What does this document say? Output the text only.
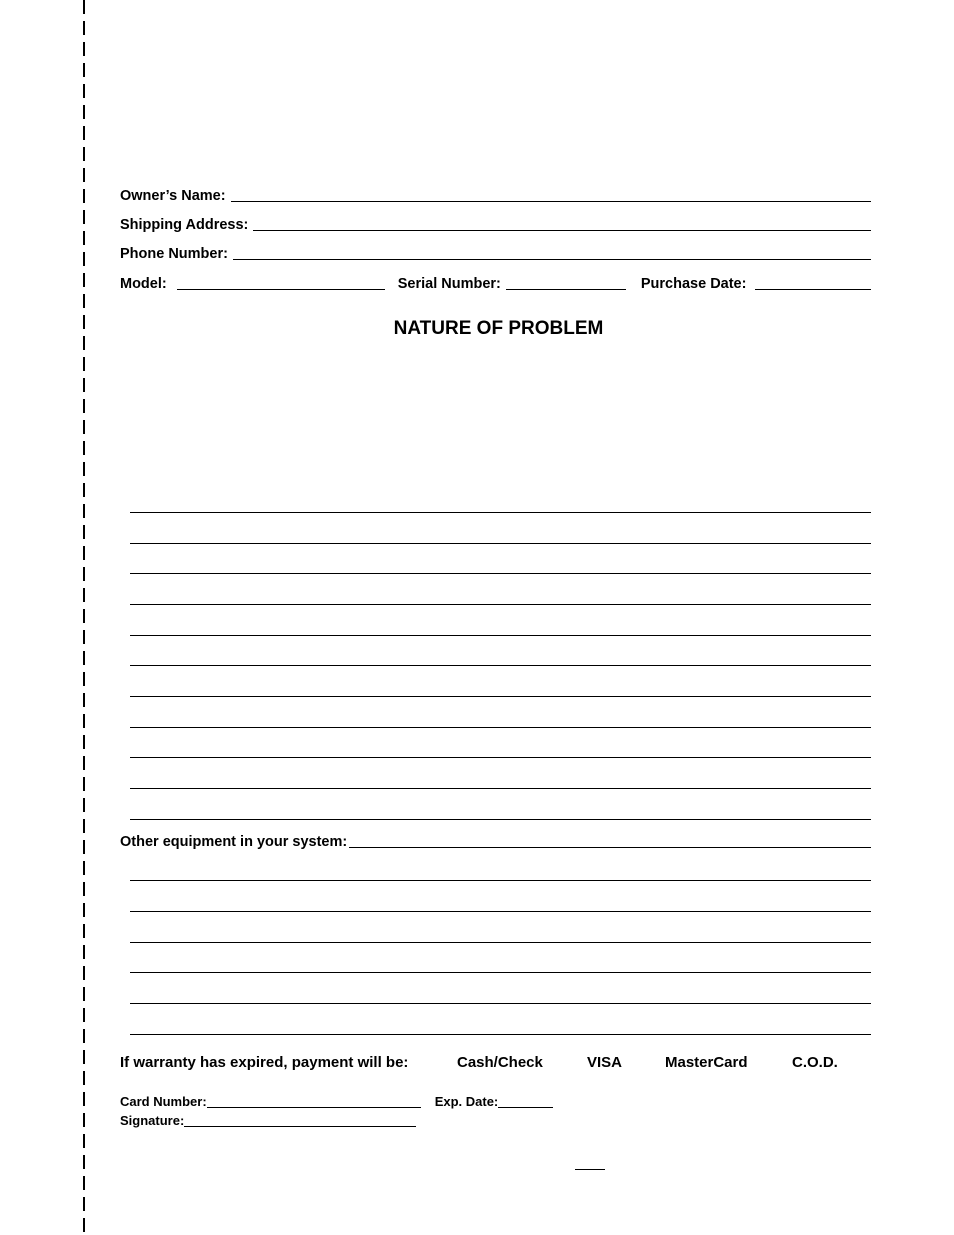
Owner’s Name:
Shipping Address:
Phone Number:
Model:	Serial Number:	Purchase Date:
NATURE OF PROBLEM
Other equipment in your system:
If warranty has expired, payment will be:	Cash/Check	VISA	MasterCard	C.O.D.
Card Number:	Exp. Date:
Signature:
